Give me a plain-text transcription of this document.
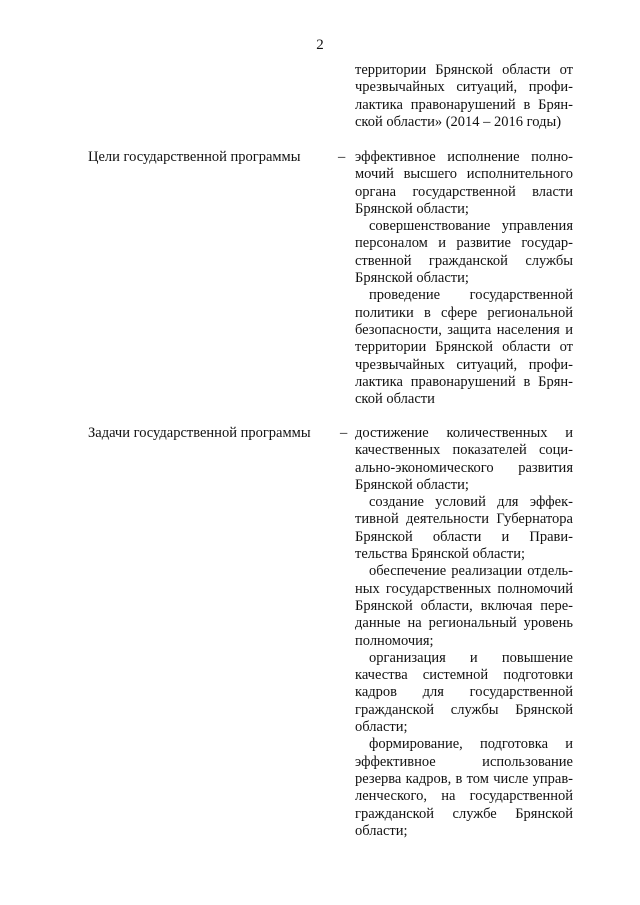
2
территории Брянской области от
чрезвычайных ситуаций, профи-
лактика правонарушений в Брян-
ской области» (2014 – 2016 годы)
Цели государственной программы	– эффективное исполнение полно-
мочий высшего исполнительного
органа государственной власти
Брянской области;
совершенствование управления
персоналом и развитие государ-
ственной гражданской службы
Брянской области;
проведение государственной
политики в сфере региональной
безопасности, защита населения и
территории Брянской области от
чрезвычайных ситуаций, профи-
лактика правонарушений в Брян-
ской области
Задачи государственной программы – достижение количественных и
качественных показателей соци-
ально-экономического развития
Брянской области;
создание условий для эффек-
тивной деятельности Губернатора
Брянской области и Прави-
тельства Брянской области;
обеспечение реализации отдель-
ных государственных полномочий
Брянской области, включая пере-
данные на региональный уровень
полномочия;
организация и повышение
качества системной подготовки
кадров для государственной
гражданской службы Брянской
области;
формирование, подготовка и
эффективное использование
резерва кадров, в том числе управ-
ленческого, на государственной
гражданской службе Брянской
области;
